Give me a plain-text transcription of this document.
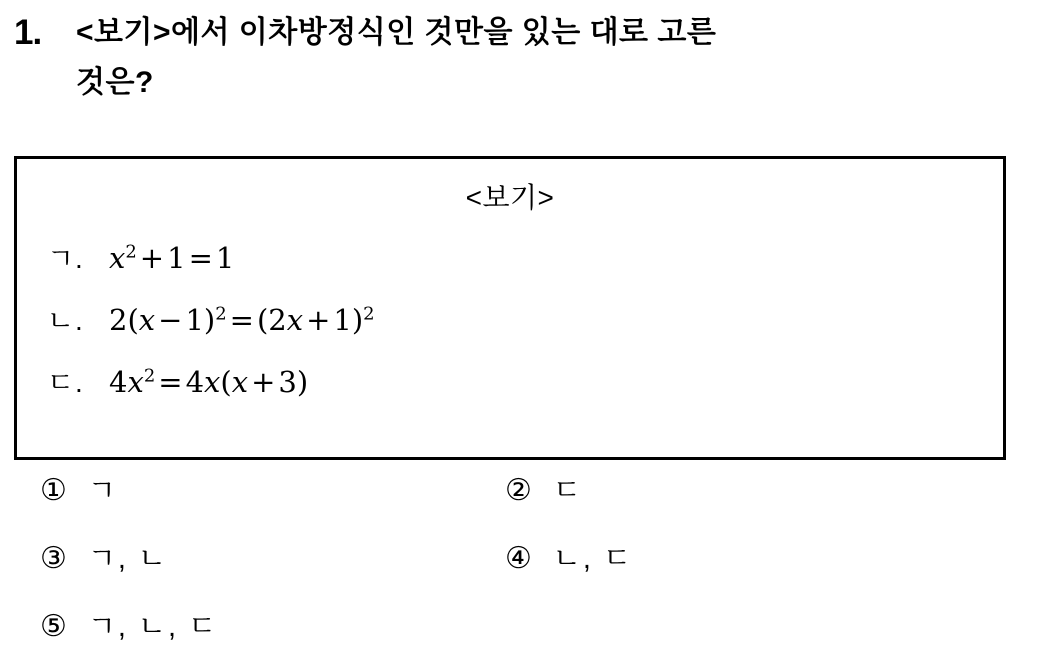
1.	<보기>에서 이차방정식인 것만을 있는 대로 고른
것은?
<보기>
ㄱ. $x^2 + 1 = 1$
ㄴ. $2(x - 1)^2 = (2x + 1)^2$
ㄷ. $4x^2 = 4x(x + 3)$
① ㄱ	② ㄷ
③ ㄱ, ㄴ	④ ㄴ, ㄷ
⑤ ㄱ, ㄴ, ㄷ
